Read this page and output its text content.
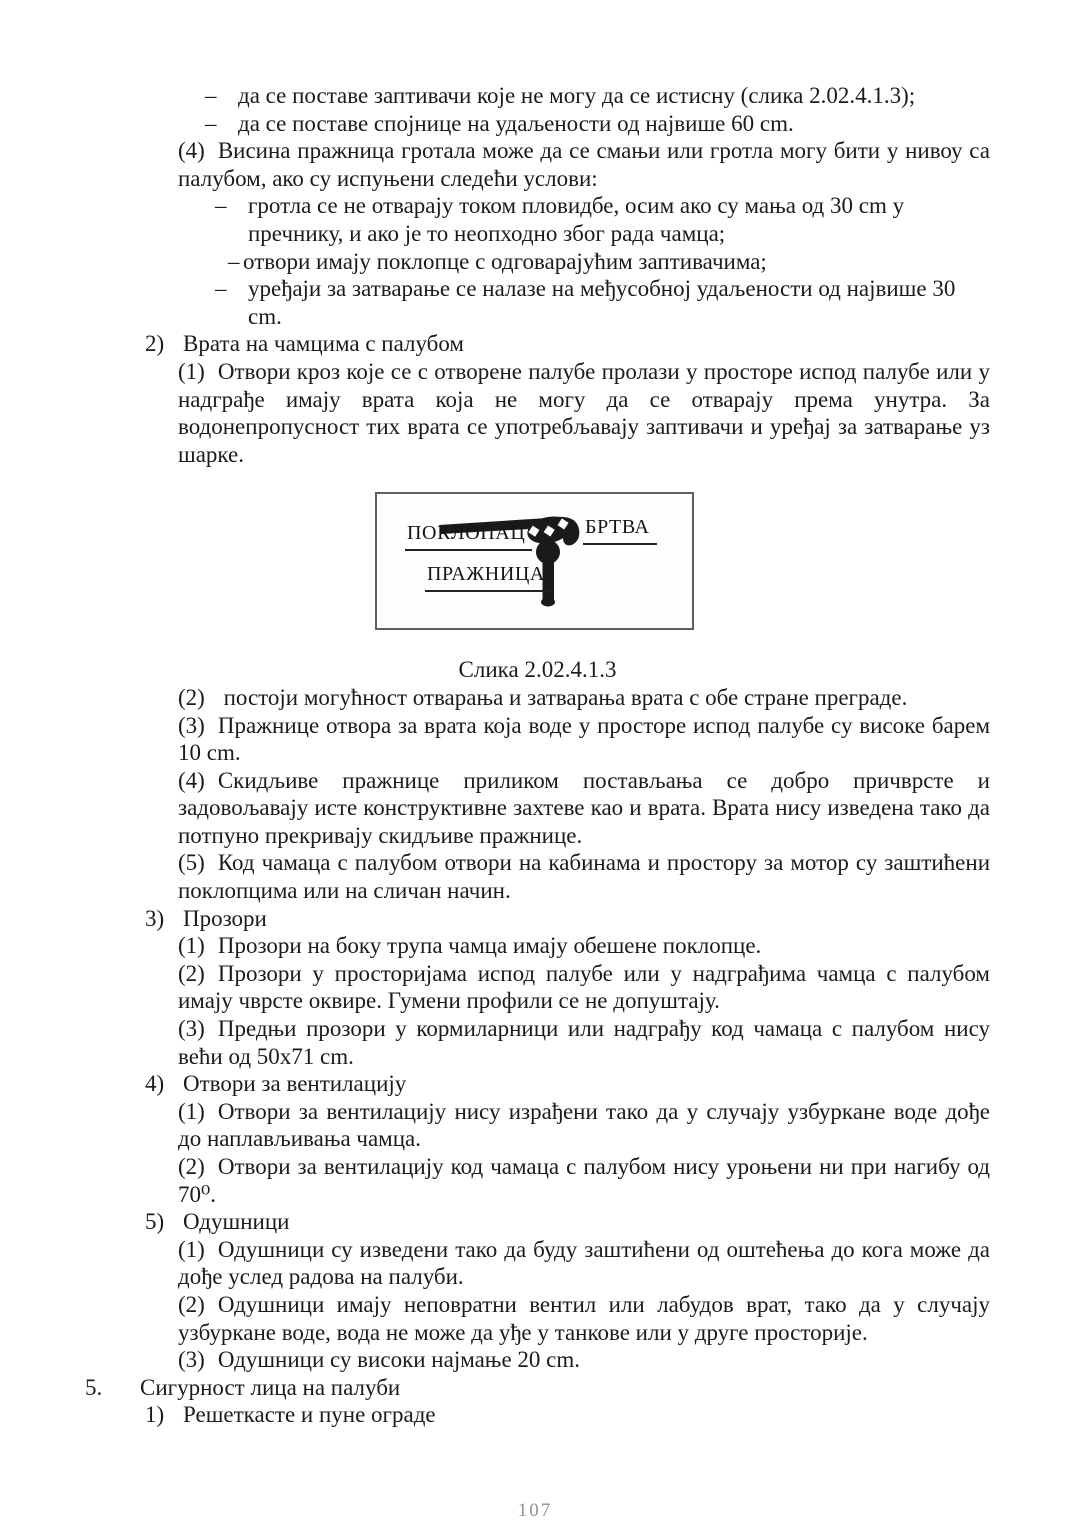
– да се поставе заптивачи које не могу да се истисну (слика 2.02.4.1.3);
– да се поставе спојнице на удаљености од највише 60 cm.
(4) Висина пражница гротала може да се смањи или гротла могу бити у нивоу са палубом, ако су испуњени следећи услови:
– гротла се не отварају током пловидбе, осим ако су мања од 30 cm у пречнику, и ако је то неопходно због рада чамца;
– отвори имају поклопце с одговарајућим заптивачима;
– уређаји за затварање се налазе на међусобној удаљености од највише 30 cm.
2) Врата на чамцима с палубом
(1) Отвори кроз које се с отворене палубе пролази у просторе испод палубе или у надграђе имају врата која не могу да се отварају према унутра. За водонепропусност тих врата се употребљавају заптивачи и уређај за затварање уз шарке.
ПОКЛОПАЦ	БРТВА
ПРАЖНИЦА
Слика 2.02.4.1.3
(2) постоји могућност отварања и затварања врата с обе стране преграде.
(3) Пражнице отвора за врата која воде у просторе испод палубе су високе барем 10 cm.
(4) Скидљиве пражнице приликом постављања се добро причврсте и задовољавају исте конструктивне захтеве као и врата. Врата нису изведена тако да потпуно прекривају скидљиве пражнице.
(5) Код чамаца с палубом отвори на кабинама и простору за мотор су заштићени поклопцима или на сличан начин.
3) Прозори
(1) Прозори на боку трупа чамца имају обешене поклопце.
(2) Прозори у просторијама испод палубе или у надграђима чамца с палубом имају чврсте оквире. Гумени профили се не допуштају.
(3) Предњи прозори у кормиларници или надграђу код чамаца с палубом нису већи од 50x71 cm.
4) Отвори за вентилацију
(1) Отвори за вентилацију нису израђени тако да у случају узбуркане воде дође до наплављивања чамца.
(2) Отвори за вентилацију код чамаца с палубом нису уроњени ни при нагибу од 70⁰.
5) Одушници
(1) Одушници су изведени тако да буду заштићени од оштећења до кога може да дође услед радова на палуби.
(2) Одушници имају неповратни вентил или лабудов врат, тако да у случају узбуркане воде, вода не може да уђе у танкове или у друге просторије.
(3) Одушници су високи најмање 20 cm.
5. Сигурност лица на палуби
1) Решеткасте и пуне ограде
107
